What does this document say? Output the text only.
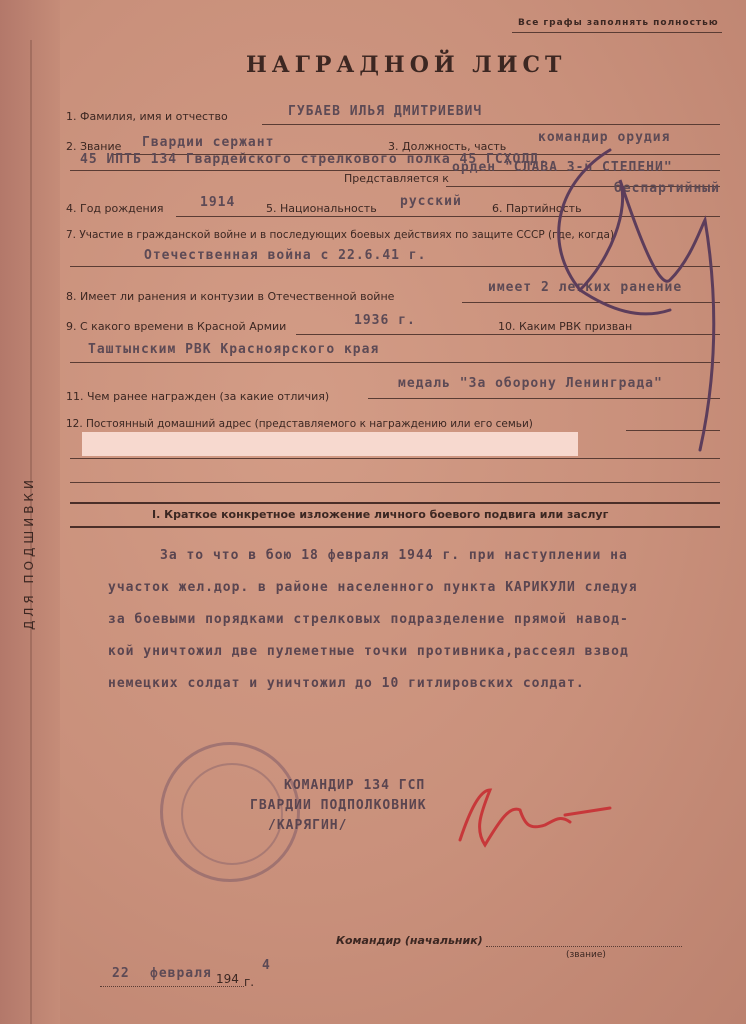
Все графы заполнять полностью
НАГРАДНОЙ ЛИСТ
ДЛЯ ПОДШИВКИ
1. Фамилия, имя и отчество	ГУБАЕВ ИЛЬЯ ДМИТРИЕВИЧ
2. Звание Гвардии сержант	3. Должность, часть
командир орудия
45 ИПТБ 134 Гвардейского стрелкового полка 45 ГСХОЛД.
Представляется к
орден "СЛАВА 3-й СТЕПЕНИ"
4. Год рождения	1914	5. Национальность русский	6. Партийность
беспартийный
7. Участие в гражданской войне и в последующих боевых действиях по защите СССР (где, когда)
Отечественная война с 22.6.41 г.
8. Имеет ли ранения и контузии в Отечественной войне
имеет 2 легких ранение
9. С какого времени в Красной Армии	1936 г.	10. Каким РВК призван
Таштынским РВК Красноярского края
11. Чем ранее награжден (за какие отличия)
медаль "За оборону Ленинграда"
12. Постоянный домашний адрес (представляемого к награждению или его семьи)
I. Краткое конкретное изложение личного боевого подвига или заслуг
За то что в бою 18 февраля 1944 г. при наступлении на
участок жел.дор. в районе населенного пункта КАРИКУЛИ следуя
за боевыми порядками стрелковых подразделение прямой навод-
кой уничтожил две пулеметные точки противника,рассеял взвод
немецких солдат и уничтожил до 10 гитлировских солдат.
КОМАНДИР 134 ГСП
ГВАРДИИ ПОДПОЛКОВНИК
/КАРЯГИН/
Командир (начальник)
(звание)
22 февраля 194 г.
4
